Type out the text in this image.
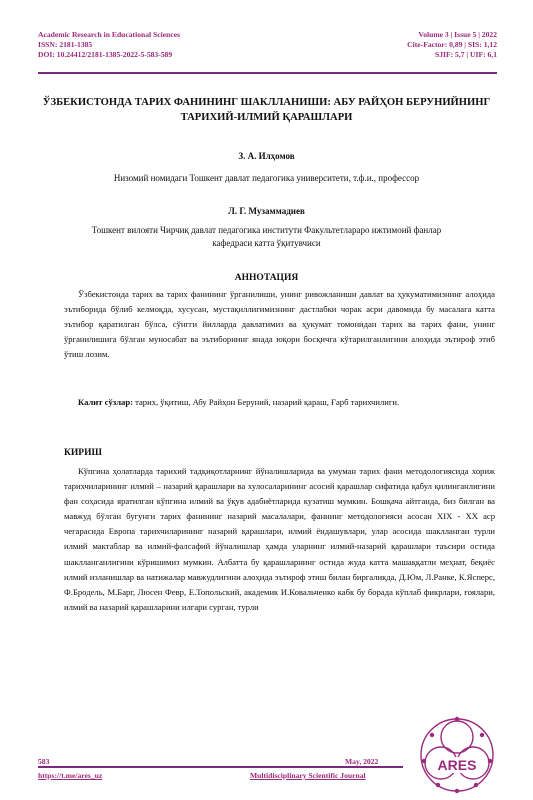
Academic Research in Educational Sciences
ISSN: 2181-1385
DOI: 10.24412/2181-1385-2022-5-583-589
Volume 3 | Issue 5 | 2022
Cite-Factor: 0,89 | SIS: 1,12
SJIF: 5,7 | UIF: 6,1
ЎЗБЕКИСТОНДА ТАРИХ ФАНИНИНГ ШАКЛЛАНИШИ: АБУ РАЙҲОН БЕРУНИЙНИНГ ТАРИХИЙ-ИЛМИЙ ҚАРАШЛАРИ
З. А. Илҳомов
Низомий номидаги Тошкент давлат педагогика университети, т.ф.и., профессор
Л. Г. Музаммадиев
Тошкент вилояти Чирчиқ давлат педагогика институти Факультетлараро ижтимоий фанлар кафедраси катта ўқитувчиси
АННОТАЦИЯ
Ўзбекистонда тарих ва тарих фанининг ўрганилиши, унинг ривожланиши давлат ва ҳукуматимизнинг алоҳида эътиборида бўлиб келмоқда, хусусан, мустақиллигимизнинг дастлабки чорак асри давомида бу масалага катта эътибор қаратилган бўлса, сўнгги йилларда давлатимиз ва ҳукумат томонидан тарих ва тарих фани, унинг ўрганилишига бўлган муносабат ва эътиборнинг янада юқори босқичга кўтарилганлигини алоҳида эътироф этиб ўтиш лозим.
Калит сўзлар: тарих, ўқитиш, Абу Райҳон Беруний, назарий қараш, Ғарб тарихчилиги.
КИРИШ
Кўпгина ҳолатларда тарихий тадқиқотларнинг йўналишларида ва умуман тарих фани методологиясида хориж тарихчиларининг илмий – назарий қарашлари ва хулосаларининг асосий қарашлар сифатида қабул қилинганлигини фан соҳасида яратилган кўпгина илмий ва ўқув адабиётларида кузатиш мумкин. Бошқача айтганда, биз билган ва мавжуд бўлган бугунги тарих фанининг назарий масалалари, фаннинг методологияси асосан XIX - XX аср чегарасида Европа тарихчиларининг назарий қарашлари, илмий ёндашувлари, улар асосида шаклланган турли илмий мактаблар ва илмий-фалсафий йўналишлар ҳамда уларнинг илмий-назарий қарашлари таъсири остида шаклланганлигини кўришимиз мумкин. Албатта бу қарашларнинг остида жуда катта машаққатли меҳнат, беқиёс илмий изланишлар ва натижалар мавжудлигини алоҳида эътироф этиш билан биргаликда, Д.Юм, Л.Ранке, К.Ясперс, Ф.Бродель, М.Барг, Люсен Февр, Е.Топольский, академик И.Ковальченко кабк бу борада кўплаб фикрлари, ғоялари, илмий ва назарий қарашларини илгари сурган, турли
583	May, 2022
https://t.me/ares_uz	Multidisciplinary Scientific Journal
ARES
